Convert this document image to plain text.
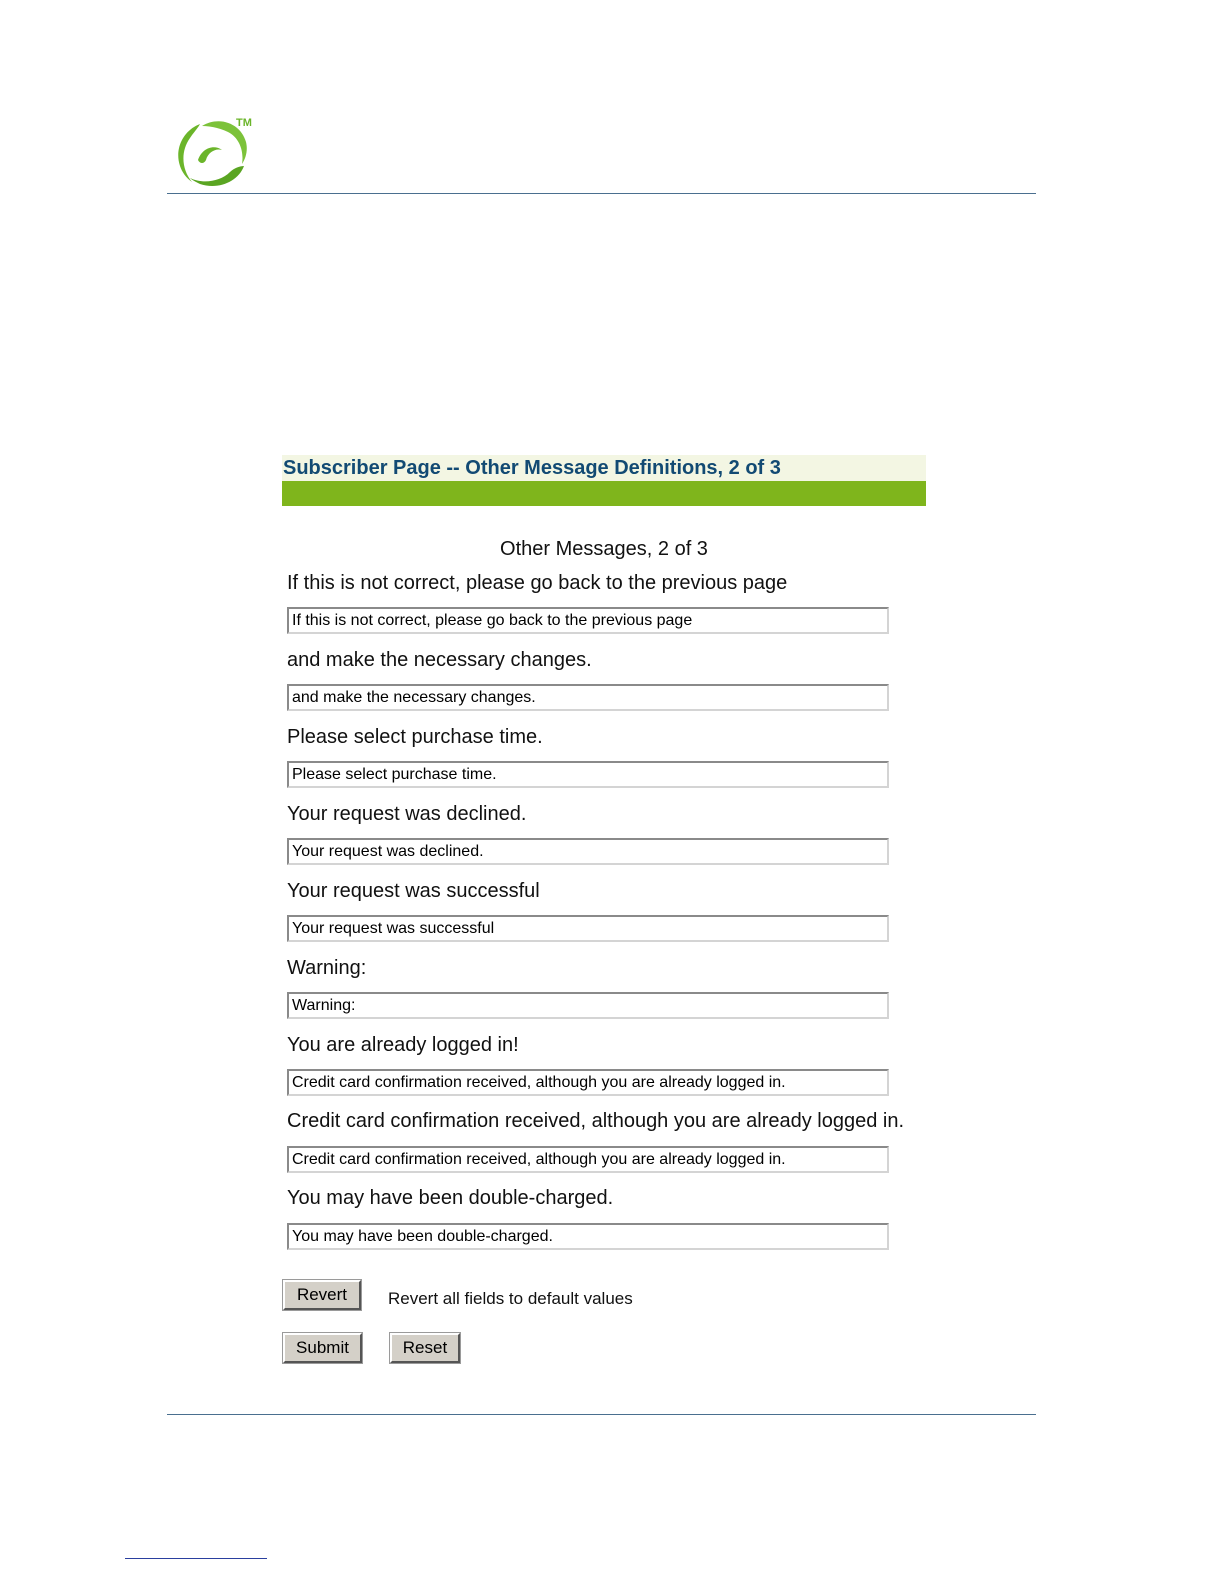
TM
Subscriber Page -- Other Message Definitions, 2 of 3
Other Messages, 2 of 3
If this is not correct, please go back to the previous page
If this is not correct, please go back to the previous page
and make the necessary changes.
and make the necessary changes.
Please select purchase time.
Please select purchase time.
Your request was declined.
Your request was declined.
Your request was successful
Your request was successful
Warning:
Warning:
You are already logged in!
Credit card confirmation received, although you are already logged in.
Credit card confirmation received, although you are already logged in.
Credit card confirmation received, although you are already logged in.
You may have been double-charged.
You may have been double-charged.
Revert	Revert all fields to default values
Submit	Reset
